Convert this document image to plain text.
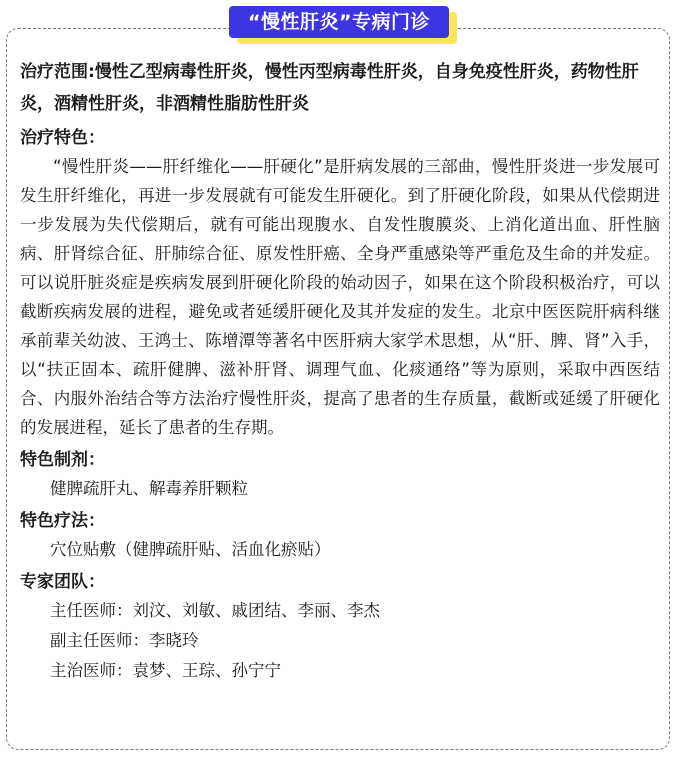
“慢性肝炎”专病门诊

治疗范围:慢性乙型病毒性肝炎，慢性丙型病毒性肝炎，自身免疫性肝炎，药物性肝炎，酒精性肝炎，非酒精性脂肪性肝炎

治疗特色：

“慢性肝炎——肝纤维化——肝硬化”是肝病发展的三部曲，慢性肝炎进一步发展可发生肝纤维化，再进一步发展就有可能发生肝硬化。到了肝硬化阶段，如果从代偿期进一步发展为失代偿期后，就有可能出现腹水、自发性腹膜炎、上消化道出血、肝性脑病、肝肾综合征、肝肺综合征、原发性肝癌、全身严重感染等严重危及生命的并发症。可以说肝脏炎症是疾病发展到肝硬化阶段的始动因子，如果在这个阶段积极治疗，可以截断疾病发展的进程，避免或者延缓肝硬化及其并发症的发生。北京中医医院肝病科继承前辈关幼波、王鸿士、陈增潭等著名中医肝病大家学术思想，从“肝、脾、肾”入手，以“扶正固本、疏肝健脾、滋补肝肾、调理气血、化痰通络”等为原则，采取中西医结合、内服外治结合等方法治疗慢性肝炎，提高了患者的生存质量，截断或延缓了肝硬化的发展进程，延长了患者的生存期。

特色制剂：

健脾疏肝丸、解毒养肝颗粒

特色疗法：

穴位贴敷（健脾疏肝贴、活血化瘀贴）

专家团队：

主任医师：刘汶、刘敏、戚团结、李丽、李杰

副主任医师：李晓玲

主治医师：袁梦、王琮、孙宁宁
